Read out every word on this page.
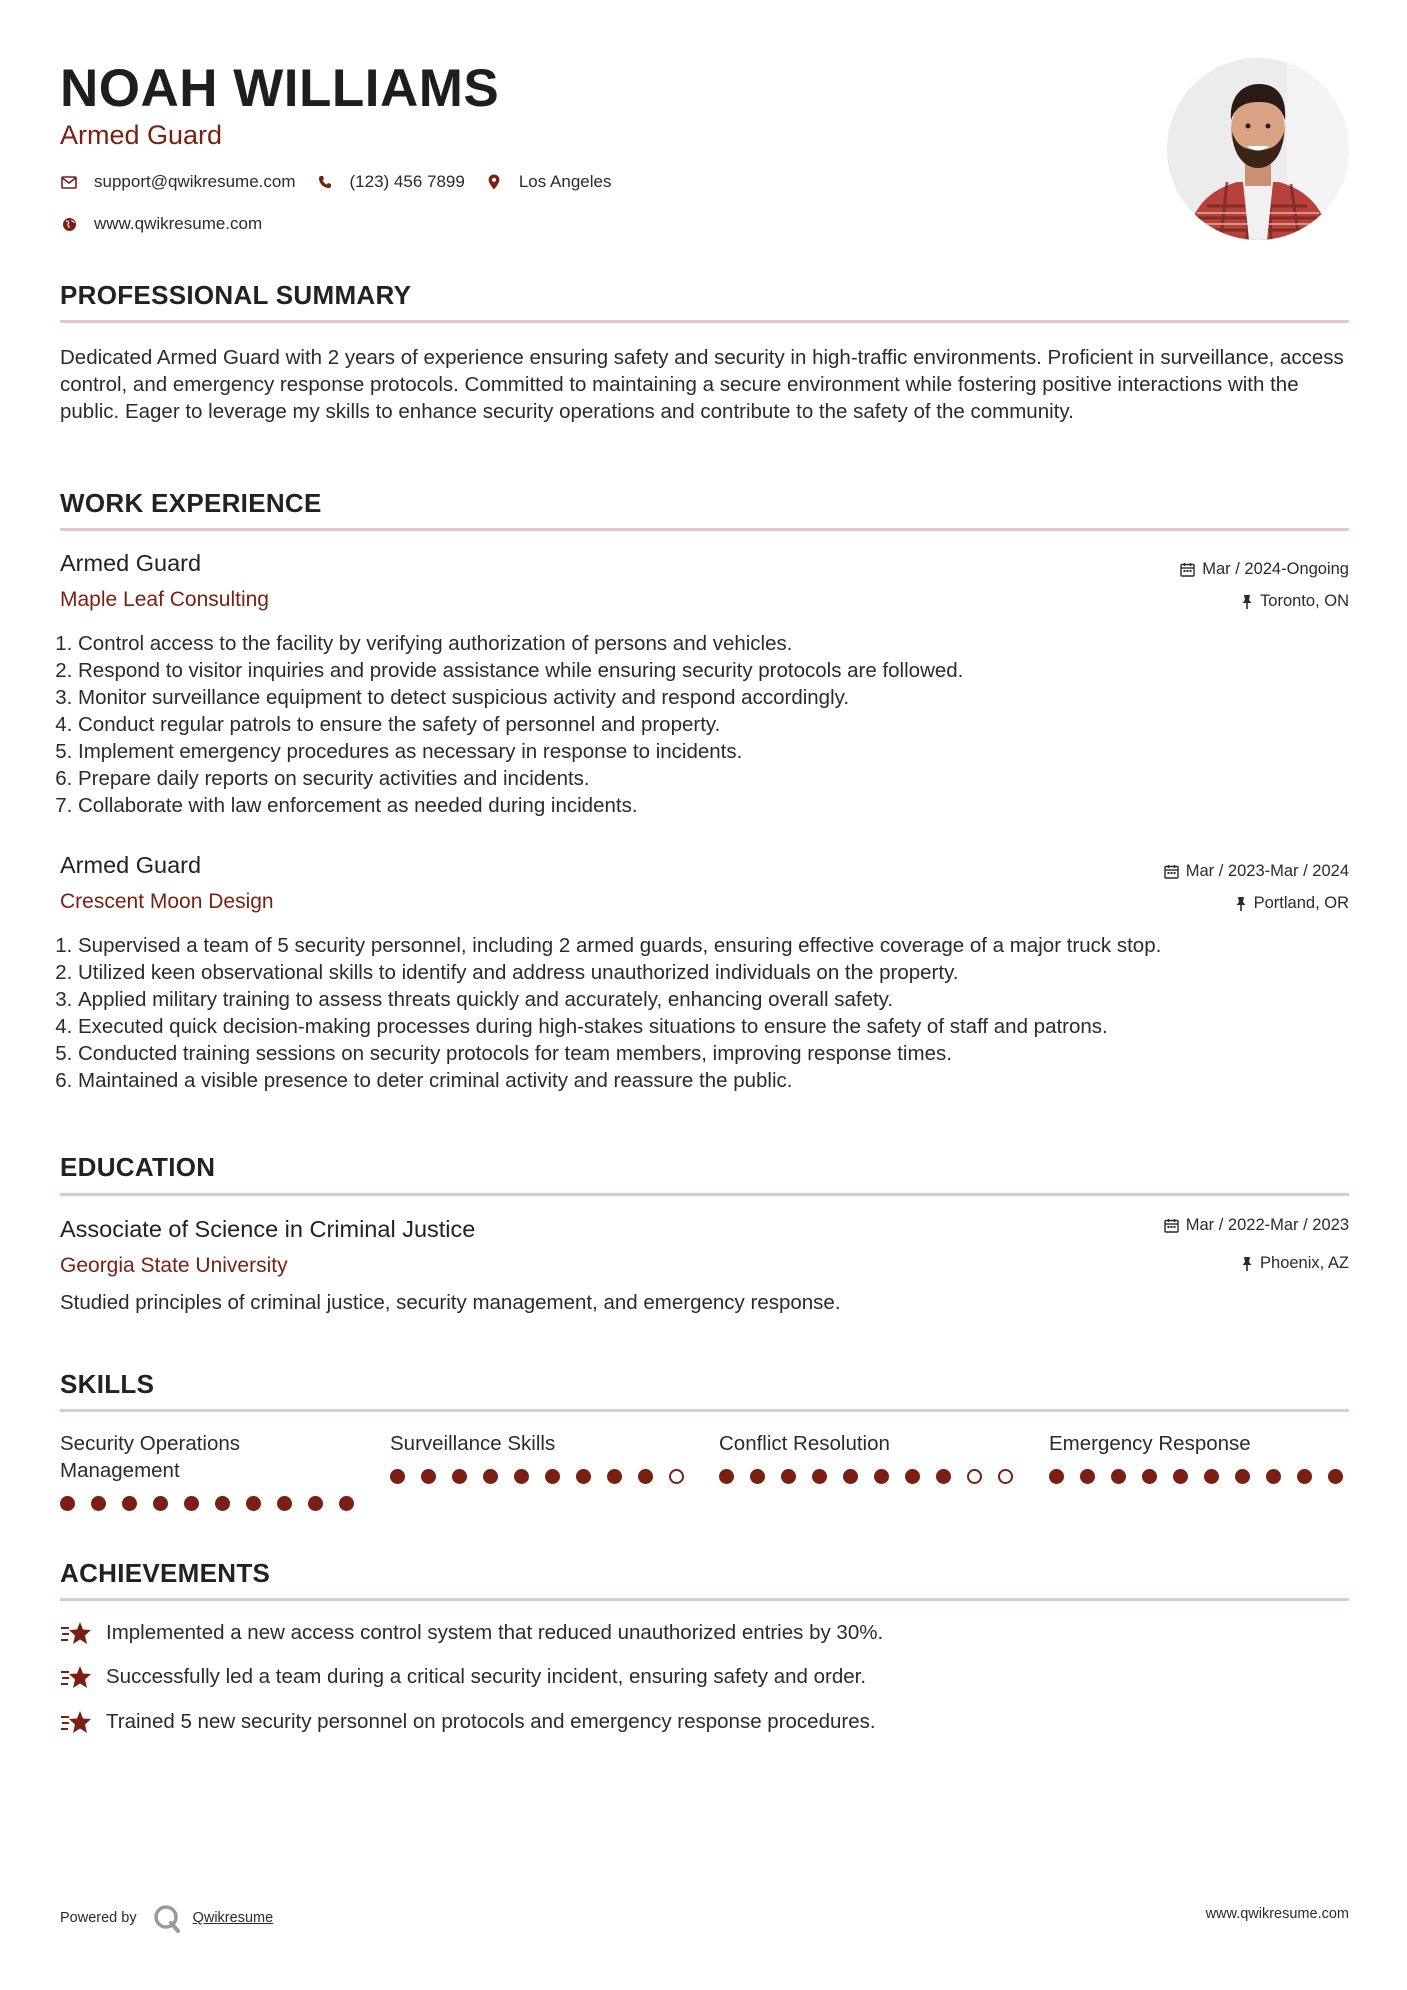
NOAH WILLIAMS
Armed Guard
support@qwikresume.com	(123) 456 7899	Los Angeles
www.qwikresume.com
PROFESSIONAL SUMMARY
Dedicated Armed Guard with 2 years of experience ensuring safety and security in high-traffic environments. Proficient in surveillance, access control, and emergency response protocols. Committed to maintaining a secure environment while fostering positive interactions with the public. Eager to leverage my skills to enhance security operations and contribute to the safety of the community.
WORK EXPERIENCE
Armed Guard	Mar / 2024-Ongoing
Maple Leaf Consulting	Toronto, ON
1. Control access to the facility by verifying authorization of persons and vehicles.
2. Respond to visitor inquiries and provide assistance while ensuring security protocols are followed.
3. Monitor surveillance equipment to detect suspicious activity and respond accordingly.
4. Conduct regular patrols to ensure the safety of personnel and property.
5. Implement emergency procedures as necessary in response to incidents.
6. Prepare daily reports on security activities and incidents.
7. Collaborate with law enforcement as needed during incidents.
Armed Guard	Mar / 2023-Mar / 2024
Crescent Moon Design	Portland, OR
1. Supervised a team of 5 security personnel, including 2 armed guards, ensuring effective coverage of a major truck stop.
2. Utilized keen observational skills to identify and address unauthorized individuals on the property.
3. Applied military training to assess threats quickly and accurately, enhancing overall safety.
4. Executed quick decision-making processes during high-stakes situations to ensure the safety of staff and patrons.
5. Conducted training sessions on security protocols for team members, improving response times.
6. Maintained a visible presence to deter criminal activity and reassure the public.
EDUCATION
Associate of Science in Criminal Justice	Mar / 2022-Mar / 2023
Georgia State University	Phoenix, AZ
Studied principles of criminal justice, security management, and emergency response.
SKILLS
Security Operations Management
Surveillance Skills	Conflict Resolution	Emergency Response
ACHIEVEMENTS
Implemented a new access control system that reduced unauthorized entries by 30%.
Successfully led a team during a critical security incident, ensuring safety and order.
Trained 5 new security personnel on protocols and emergency response procedures.
Powered by	Qwikresume	www.qwikresume.com
